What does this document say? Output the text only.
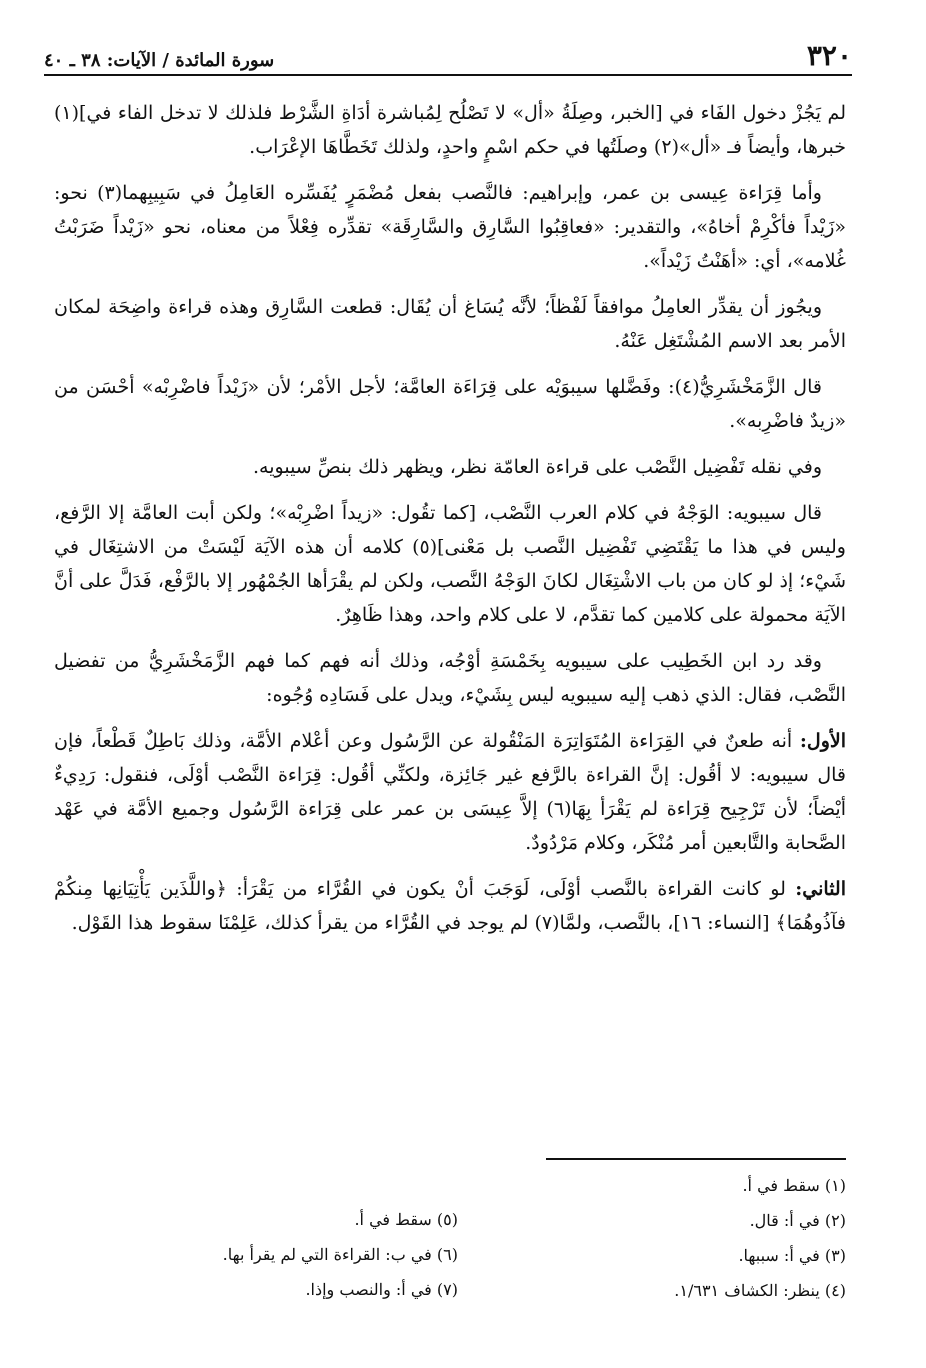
٣٢٠
سورة المائدة / الآيات: ٣٨ ـ ٤٠

لم يَجُزْ دخول الفَاء في [الخبر، وصِلَةُ «أل» لا تَصْلُح لِمُباشرة أدَاةِ الشَّرْط فلذلك لا تدخل الفاء في](١) خبرها، وأيضاً فـ «أل»(٢) وصلَتُها في حكم اسْمٍ واحدٍ، ولذلك تَخَطَّاهَا الإعْرَاب.

وأما قِرَاءة عِيسى بن عمر، وإبراهيم: فالنَّصب بفعل مُضْمَرٍ يُفَسِّره العَامِلُ في سَبِيبِهما(٣) نحو: «زَيْداً فأكْرِمْ أخاهُ»، والتقدير: «فعاقِبُوا السَّارِق والسَّارِقَة» تقدِّره فِعْلاً من معناه، نحو «زَيْداً ضَرَبْتُ غُلامه»، أي: «أهَنْتُ زَيْداً».

ويجُوز أن يقدِّر العامِلُ موافقاً لَفْظاً؛ لأنَّه يُسَاغ أن يُقَال: قطعت السَّارِق وهذه قراءة واضِحَة لمكان الأمر بعد الاسم المُشْتَغِل عَنْهُ.

قال الزَّمَخْشَرِيُّ(٤): وفَضَّلها سيبوَيْه على قِرَاءَة العامَّة؛ لأجل الأمْر؛ لأن «زَيْداً فاضْرِبْه» أحْسَن من «زيدٌ فاضْرِبه».

وفي نقله تَفْضِيل النَّصْب على قراءة العامّة نظر، ويظهر ذلك بنصِّ سيبويه.

قال سيبويه: الوَجْهُ في كلام العرب النَّصْب، [كما تقُول: «زيداً اضْرِبْه»؛ ولكن أبت العامَّة إلا الرَّفع، وليس في هذا ما يَقْتَضِي تَفْضِيل النَّصب بل مَعْنى](٥) كلامه أن هذه الآيَة لَيْسَتْ من الاشتِغَال في شَيْء؛ إذ لو كان من باب الاشْتِغَال لكانَ الوَجْهُ النَّصب، ولكن لم يقْرَأها الجُمْهُور إلا بالرَّفْع، فَدَلَّ على أنَّ الآيَة محمولة على كلامين كما تقدَّم، لا على كلام واحد، وهذا ظَاهِرٌ.

وقد رد ابن الخَطِيب على سيبويه بِخَمْسَةِ أوْجُه، وذلك أنه فهم كما فهم الزَّمَخْشَرِيُّ من تفضيل النَّصْب، فقال: الذي ذهب إليه سيبويه ليس بِشَيْء، ويدل على فَسَادِه وُجُوه:

الأول: أنه طعنٌ في القِرَاءة المُتَوَاتِرَة المَنْقُولة عن الرَّسُول وعن أعْلام الأمَّة، وذلك بَاطِلٌ قَطْعاً، فإن قال سيبويه: لا أقُول: إنَّ القراءة بالرَّفع غير جَائِزة، ولكنِّي أقُول: قِرَاءة النَّصْب أوْلَى، فنقول: رَدِيءٌ أيْضاً؛ لأن تَرْجِيح قِرَاءة لم يَقْرَأ بِهَا(٦) إلاَّ عِيسَى بن عمر على قِرَاءة الرَّسُول وجميع الأمَّة في عَهْد الصَّحابة والتَّابعين أمر مُنْكَر، وكلام مَرْدُودٌ.

الثاني: لو كانت القراءة بالنَّصب أوْلَى، لَوَجَبَ أنْ يكون في القُرَّاء من يَقْرَأ: ﴿واللَّذَين يَأْتِيَانِها مِنكُمْ فآذُوهُمَا﴾ [النساء: ١٦]، بالنَّصب، ولمَّا(٧) لم يوجد في القُرَّاء من يقرأ كذلك، عَلِمْنَا سقوط هذا القَوْل.

(١) سقط في أ.
(٢) في أ: قال.
(٣) في أ: سببها.
(٤) ينظر: الكشاف ١/٦٣١.
(٥) سقط في أ.
(٦) في ب: القراءة التي لم يقرأ بها.
(٧) في أ: والنصب وإذا.
